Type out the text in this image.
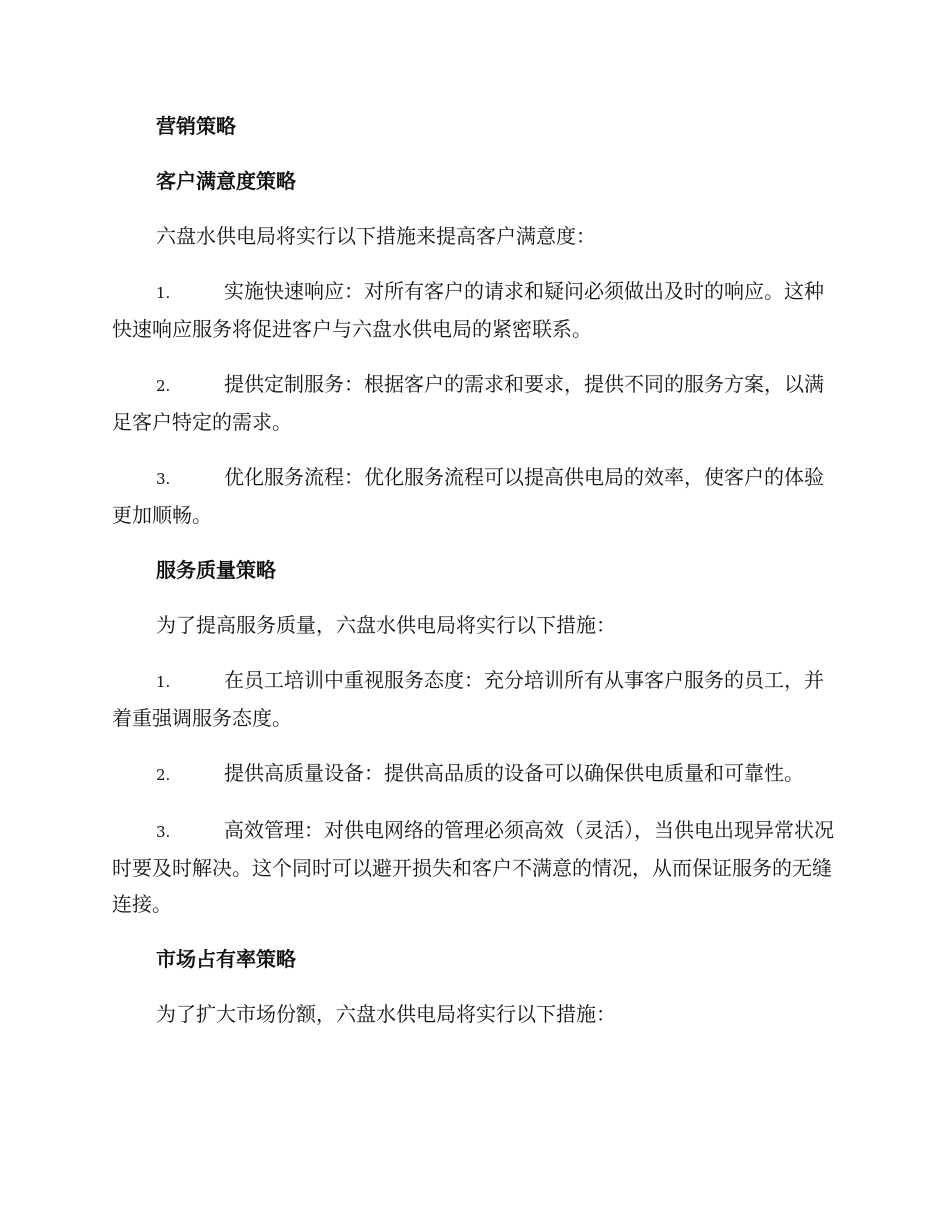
营销策略
客户满意度策略
六盘水供电局将实行以下措施来提高客户满意度：
1.	实施快速响应：对所有客户的请求和疑问必须做出及时的响应。这种快速响应服务将促进客户与六盘水供电局的紧密联系。
2.	提供定制服务：根据客户的需求和要求，提供不同的服务方案，以满足客户特定的需求。
3.	优化服务流程：优化服务流程可以提高供电局的效率，使客户的体验更加顺畅。
服务质量策略
为了提高服务质量，六盘水供电局将实行以下措施：
1.	在员工培训中重视服务态度：充分培训所有从事客户服务的员工，并着重强调服务态度。
2.	提供高质量设备：提供高品质的设备可以确保供电质量和可靠性。
3.	高效管理：对供电网络的管理必须高效（灵活），当供电出现异常状况时要及时解决。这个同时可以避开损失和客户不满意的情况，从而保证服务的无缝连接。
市场占有率策略
为了扩大市场份额，六盘水供电局将实行以下措施：
